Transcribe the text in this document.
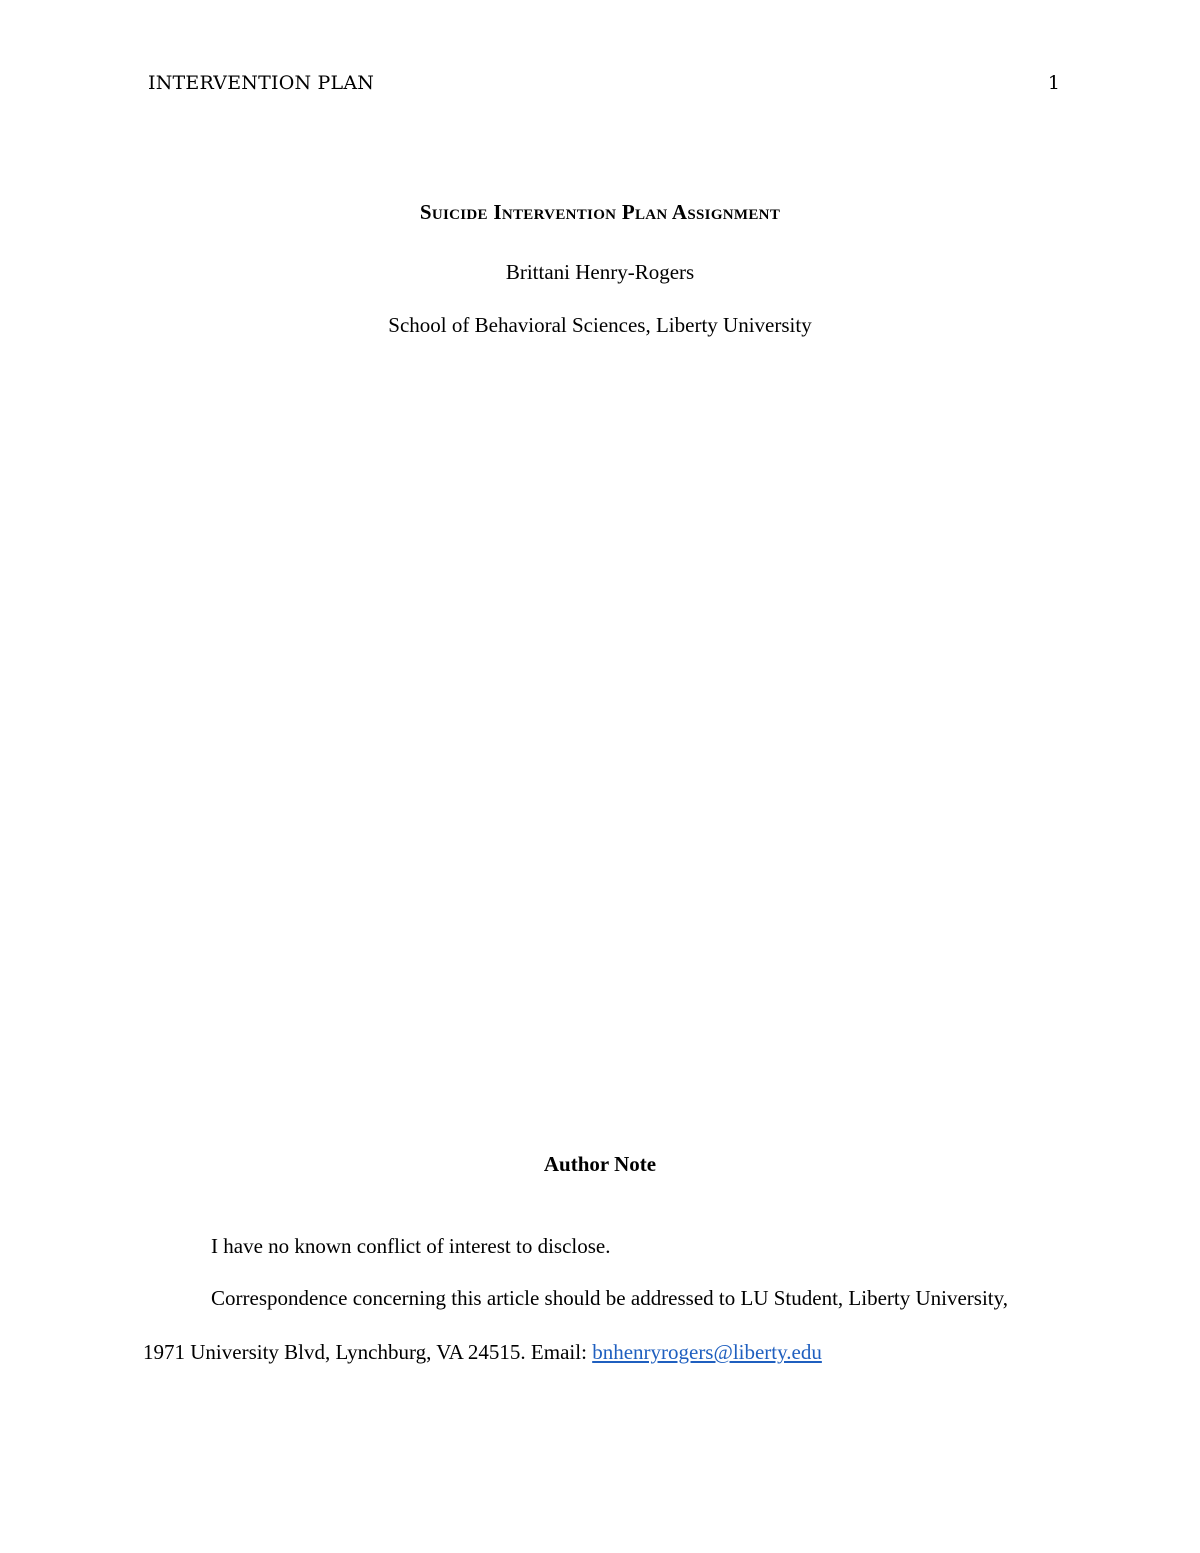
INTERVENTION PLAN	1
Suicide Intervention Plan Assignment
Brittani Henry-Rogers
School of Behavioral Sciences, Liberty University
Author Note
I have no known conflict of interest to disclose.
Correspondence concerning this article should be addressed to LU Student, Liberty University, 1971 University Blvd, Lynchburg, VA 24515. Email: bnhenryrogers@liberty.edu
